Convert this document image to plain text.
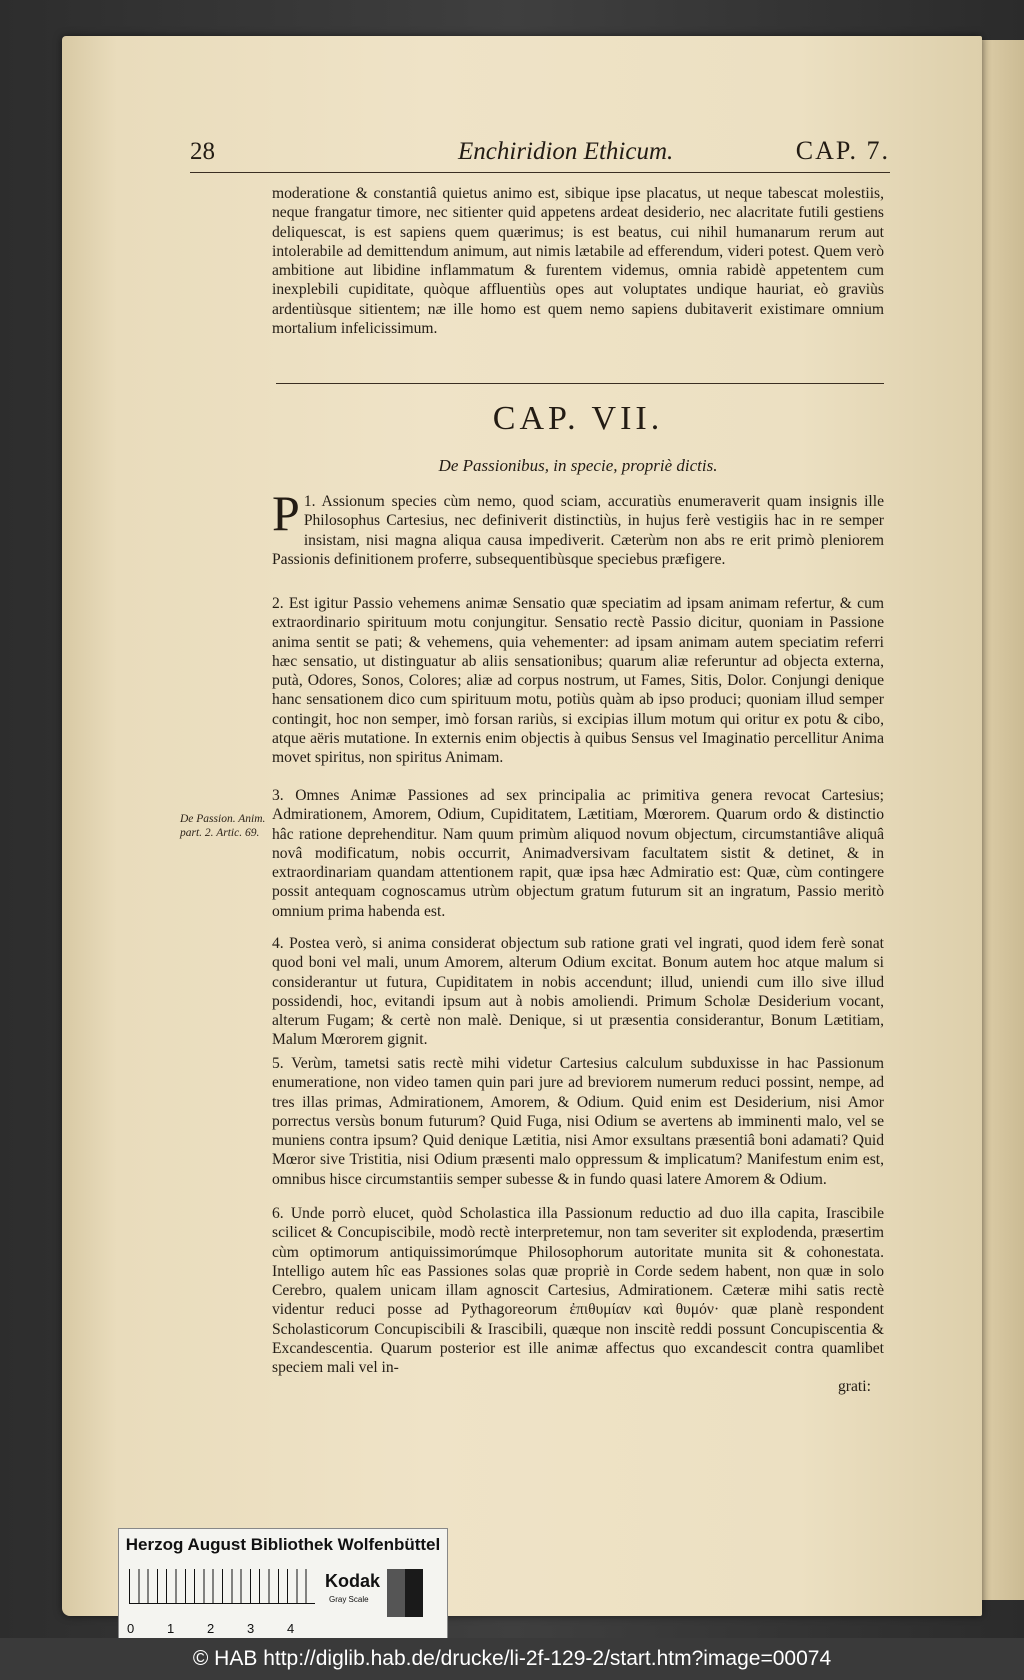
28	Enchiridion Ethicum.	CAP. 7.

moderatione & constantiâ quietus animo est, sibique ipse placatus, ut neque tabescat molestiis, neque frangatur timore, nec sitienter quid appetens ardeat desiderio, nec alacritate futili gestiens deliquescat, is est sapiens quem quærimus; is est beatus, cui nihil humanarum rerum aut intolerabile ad demittendum animum, aut nimis lætabile ad efferendum, videri potest. Quem verò ambitione aut libidine inflammatum & furentem videmus, omnia rabidè appetentem cum inexplebili cupiditate, quòque affluentiùs opes aut voluptates undique hauriat, eò graviùs ardentiùsque sitientem; næ ille homo est quem nemo sapiens dubitaverit existimare omnium mortalium infelicissimum.

CAP. VII.
De Passionibus, in specie, propriè dictis.
P 1. Assionum species cùm nemo, quod sciam, accuratiùs enumeraverit quam insignis ille Philosophus Cartesius, nec definiverit distinctiùs, in hujus ferè vestigiis hac in re semper insistam, nisi magna aliqua causa impediverit. Cæterùm non abs re erit primò pleniorem Passionis definitionem proferre, subsequentibùsque speciebus præfigere.

2. Est igitur Passio vehemens animæ Sensatio quæ speciatim ad ipsam animam refertur, & cum extraordinario spirituum motu conjungitur. Sensatio rectè Passio dicitur, quoniam in Passione anima sentit se pati; & vehemens, quia vehementer: ad ipsam animam autem speciatim referri hæc sensatio, ut distinguatur ab aliis sensationibus; quarum aliæ referuntur ad objecta externa, putà, Odores, Sonos, Colores; aliæ ad corpus nostrum, ut Fames, Sitis, Dolor. Conjungi denique hanc sensationem dico cum spirituum motu, potiùs quàm ab ipso produci; quoniam illud semper contingit, hoc non semper, imò forsan rariùs, si excipias illum motum qui oritur ex potu & cibo, atque aëris mutatione. In externis enim objectis à quibus Sensus vel Imaginatio percellitur Anima movet spiritus, non spiritus Animam.

3. Omnes Animæ Passiones ad sex principalia ac primitiva genera revocat Cartesius; Admirationem, Amorem, Odium, Cupiditatem, Lætitiam, Mœrorem. Quarum ordo & distinctio hâc ratione deprehenditur. Nam quum primùm aliquod novum objectum, circumstantiâve aliquâ novâ modificatum, nobis occurrit, Animadversivam facultatem sistit & detinet, & in extraordinariam quandam attentionem rapit, quæ ipsa hæc Admiratio est: Quæ, cùm contingere possit antequam cognoscamus utrùm objectum gratum futurum sit an ingratum, Passio meritò omnium prima habenda est.

De Passion. Anim. part. 2. Artic. 69.

4. Postea verò, si anima considerat objectum sub ratione grati vel ingrati, quod idem ferè sonat quod boni vel mali, unum Amorem, alterum Odium excitat. Bonum autem hoc atque malum si considerantur ut futura, Cupiditatem in nobis accendunt; illud, uniendi cum illo sive illud possidendi, hoc, evitandi ipsum aut à nobis amoliendi. Primum Scholæ Desiderium vocant, alterum Fugam; & certè non malè. Denique, si ut præsentia considerantur, Bonum Lætitiam, Malum Mœrorem gignit.

5. Verùm, tametsi satis rectè mihi videtur Cartesius calculum subduxisse in hac Passionum enumeratione, non video tamen quin pari jure ad breviorem numerum reduci possint, nempe, ad tres illas primas, Admirationem, Amorem, & Odium. Quid enim est Desiderium, nisi Amor porrectus versùs bonum futurum? Quid Fuga, nisi Odium se avertens ab imminenti malo, vel se muniens contra ipsum? Quid denique Lætitia, nisi Amor exsultans præsentiâ boni adamati? Quid Mœror sive Tristitia, nisi Odium præsenti malo oppressum & implicatum? Manifestum enim est, omnibus hisce circumstantiis semper subesse & in fundo quasi latere Amorem & Odium.

6. Unde porrò elucet, quòd Scholastica illa Passionum reductio ad duo illa capita, Irascibile scilicet & Concupiscibile, modò rectè interpretemur, non tam severiter sit explodenda, præsertim cùm optimorum antiquissimorúmque Philosophorum autoritate munita sit & cohonestata. Intelligo autem hîc eas Passiones solas quæ propriè in Corde sedem habent, non quæ in solo Cerebro, qualem unicam illam agnoscit Cartesius, Admirationem. Cæteræ mihi satis rectè videntur reduci posse ad Pythagoreorum ἐπιθυμίαν καὶ θυμόν· quæ planè respondent Scholasticorum Concupiscibili & Irascibili, quæque non inscitè reddi possunt Concupiscentia & Excandescentia. Quarum posterior est ille animæ affectus quo excandescit contra quamlibet speciem mali vel in-

grati:
Herzog August Bibliothek Wolfenbüttel
0	1	2	3	4
Kodak
Gray Scale
© HAB http://diglib.hab.de/drucke/li-2f-129-2/start.htm?image=00074
